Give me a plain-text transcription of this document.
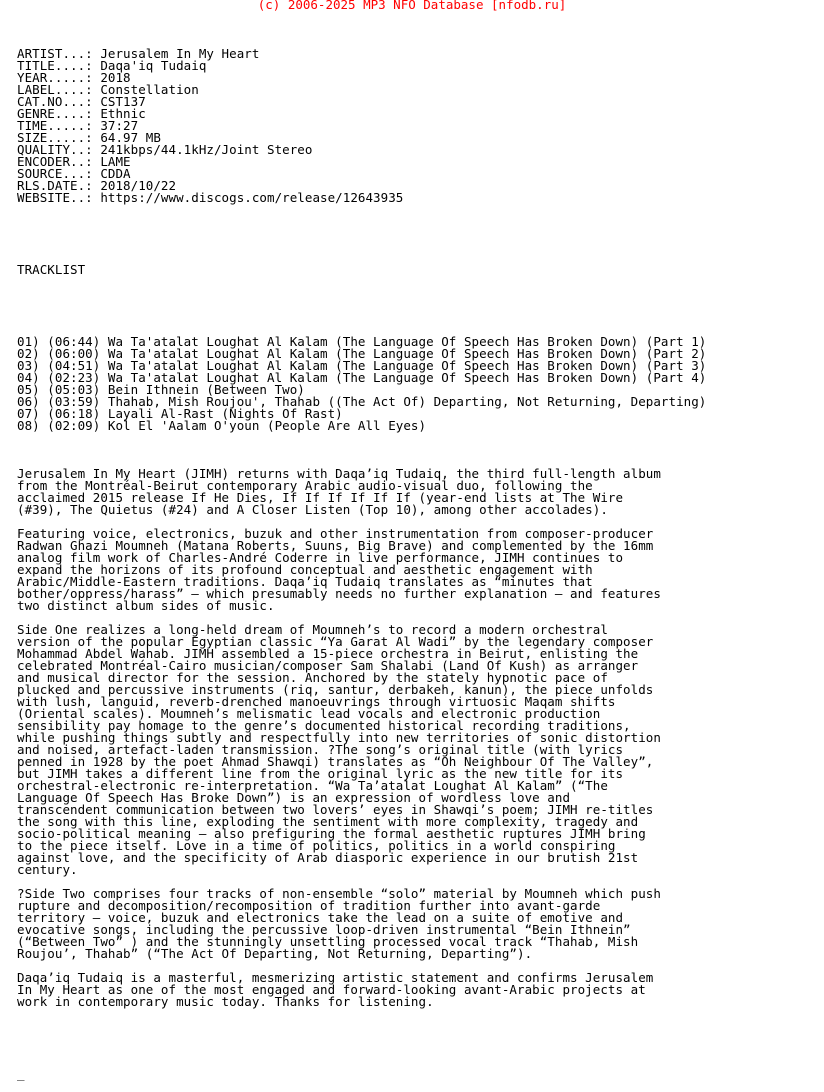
(c) 2006-2025 MP3 NFO Database [nfodb.ru]

ARTIST...: Jerusalem In My Heart
TITLE....: Daqa'iq Tudaiq
YEAR.....: 2018
LABEL....: Constellation
CAT.NO...: CST137
GENRE....: Ethnic
TIME.....: 37:27
SIZE.....: 64.97 MB
QUALITY..: 241kbps/44.1kHz/Joint Stereo
ENCODER..: LAME
SOURCE...: CDDA
RLS.DATE.: 2018/10/22
WEBSITE..: https://www.discogs.com/release/12643935

TRACKLIST

01) (06:44) Wa Ta'atalat Loughat Al Kalam (The Language Of Speech Has Broken Down) (Part 1)
02) (06:00) Wa Ta'atalat Loughat Al Kalam (The Language Of Speech Has Broken Down) (Part 2)
03) (04:51) Wa Ta'atalat Loughat Al Kalam (The Language Of Speech Has Broken Down) (Part 3)
04) (02:23) Wa Ta'atalat Loughat Al Kalam (The Language Of Speech Has Broken Down) (Part 4)
05) (05:03) Bein Ithnein (Between Two)
06) (03:59) Thahab, Mish Roujou', Thahab ((The Act Of) Departing, Not Returning, Departing)
07) (06:18) Layali Al-Rast (Nights Of Rast)
08) (02:09) Kol El 'Aalam O'youn (People Are All Eyes)

Jerusalem In My Heart (JIMH) returns with Daqa’iq Tudaiq, the third full-length album
from the Montréal-Beirut contemporary Arabic audio-visual duo, following the
acclaimed 2015 release If He Dies, If If If If If If (year-end lists at The Wire
(#39), The Quietus (#24) and A Closer Listen (Top 10), among other accolades).
Featuring voice, electronics, buzuk and other instrumentation from composer-producer
Radwan Ghazi Moumneh (Matana Roberts, Suuns, Big Brave) and complemented by the 16mm
analog film work of Charles-André Coderre in live performance, JIMH continues to
expand the horizons of its profound conceptual and aesthetic engagement with
Arabic/Middle-Eastern traditions. Daqa’iq Tudaiq translates as “minutes that
bother/oppress/harass” — which presumably needs no further explanation — and features
two distinct album sides of music.
Side One realizes a long-held dream of Moumneh’s to record a modern orchestral
version of the popular Egyptian classic “Ya Garat Al Wadi” by the legendary composer
Mohammad Abdel Wahab. JIMH assembled a 15-piece orchestra in Beirut, enlisting the
celebrated Montréal-Cairo musician/composer Sam Shalabi (Land Of Kush) as arranger
and musical director for the session. Anchored by the stately hypnotic pace of
plucked and percussive instruments (riq, santur, derbakeh, kanun), the piece unfolds
with lush, languid, reverb-drenched manoeuvrings through virtuosic Maqam shifts
(Oriental scales). Moumneh’s melismatic lead vocals and electronic production
sensibility pay homage to the genre’s documented historical recording traditions,
while pushing things subtly and respectfully into new territories of sonic distortion
and noised, artefact-laden transmission. ?The song’s original title (with lyrics
penned in 1928 by the poet Ahmad Shawqi) translates as “Oh Neighbour Of The Valley”,
but JIMH takes a different line from the original lyric as the new title for its
orchestral-electronic re-interpretation. “Wa Ta’atalat Loughat Al Kalam” (“The
Language Of Speech Has Broke Down”) is an expression of wordless love and
transcendent communication between two lovers’ eyes in Shawqi’s poem; JIMH re-titles
the song with this line, exploding the sentiment with more complexity, tragedy and
socio-political meaning — also prefiguring the formal aesthetic ruptures JIMH bring
to the piece itself. Love in a time of politics, politics in a world conspiring
against love, and the specificity of Arab diasporic experience in our brutish 21st
century.
?Side Two comprises four tracks of non-ensemble “solo” material by Moumneh which push
rupture and decomposition/recomposition of tradition further into avant-garde
territory — voice, buzuk and electronics take the lead on a suite of emotive and
evocative songs, including the percussive loop-driven instrumental “Bein Ithnein”
(“Between Two” ) and the stunningly unsettling processed vocal track “Thahab, Mish
Roujou’, Thahab” (“The Act Of Departing, Not Returning, Departing”).
Daqa’iq Tudaiq is a masterful, mesmerizing artistic statement and confirms Jerusalem
In My Heart as one of the most engaged and forward-looking avant-Arabic projects at
work in contemporary music today. Thanks for listening.

_
